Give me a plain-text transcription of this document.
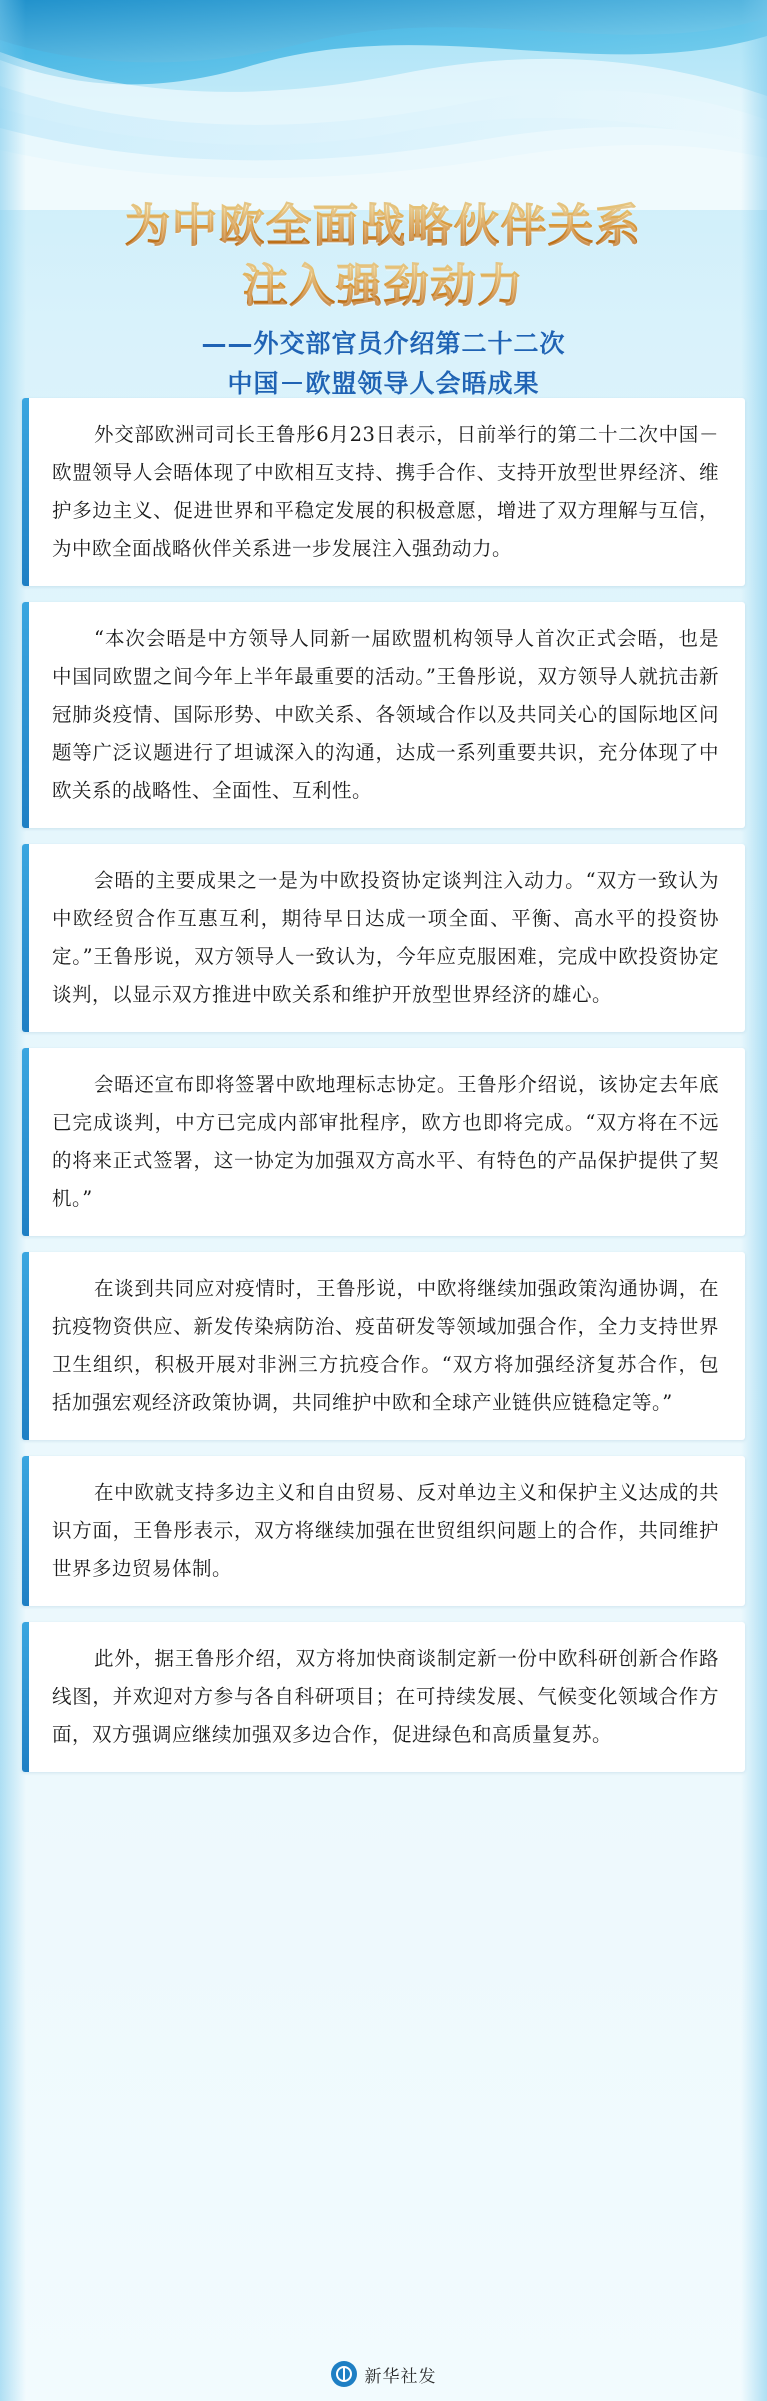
为中欧全面战略伙伴关系
注入强劲动力
——外交部官员介绍第二十二次
中国－欧盟领导人会晤成果

外交部欧洲司司长王鲁彤6月23日表示，日前举行的第二十二次中国－欧盟领导人会晤体现了中欧相互支持、携手合作、支持开放型世界经济、维护多边主义、促进世界和平稳定发展的积极意愿，增进了双方理解与互信，为中欧全面战略伙伴关系进一步发展注入强劲动力。

“本次会晤是中方领导人同新一届欧盟机构领导人首次正式会晤，也是中国同欧盟之间今年上半年最重要的活动。”王鲁彤说，双方领导人就抗击新冠肺炎疫情、国际形势、中欧关系、各领域合作以及共同关心的国际地区问题等广泛议题进行了坦诚深入的沟通，达成一系列重要共识，充分体现了中欧关系的战略性、全面性、互利性。

会晤的主要成果之一是为中欧投资协定谈判注入动力。“双方一致认为中欧经贸合作互惠互利，期待早日达成一项全面、平衡、高水平的投资协定。”王鲁彤说，双方领导人一致认为，今年应克服困难，完成中欧投资协定谈判，以显示双方推进中欧关系和维护开放型世界经济的雄心。

会晤还宣布即将签署中欧地理标志协定。王鲁彤介绍说，该协定去年底已完成谈判，中方已完成内部审批程序，欧方也即将完成。“双方将在不远的将来正式签署，这一协定为加强双方高水平、有特色的产品保护提供了契机。”

在谈到共同应对疫情时，王鲁彤说，中欧将继续加强政策沟通协调，在抗疫物资供应、新发传染病防治、疫苗研发等领域加强合作，全力支持世界卫生组织，积极开展对非洲三方抗疫合作。“双方将加强经济复苏合作，包括加强宏观经济政策协调，共同维护中欧和全球产业链供应链稳定等。”

在中欧就支持多边主义和自由贸易、反对单边主义和保护主义达成的共识方面，王鲁彤表示，双方将继续加强在世贸组织问题上的合作，共同维护世界多边贸易体制。

此外，据王鲁彤介绍，双方将加快商谈制定新一份中欧科研创新合作路线图，并欢迎对方参与各自科研项目；在可持续发展、气候变化领域合作方面，双方强调应继续加强双多边合作，促进绿色和高质量复苏。

新华社发
